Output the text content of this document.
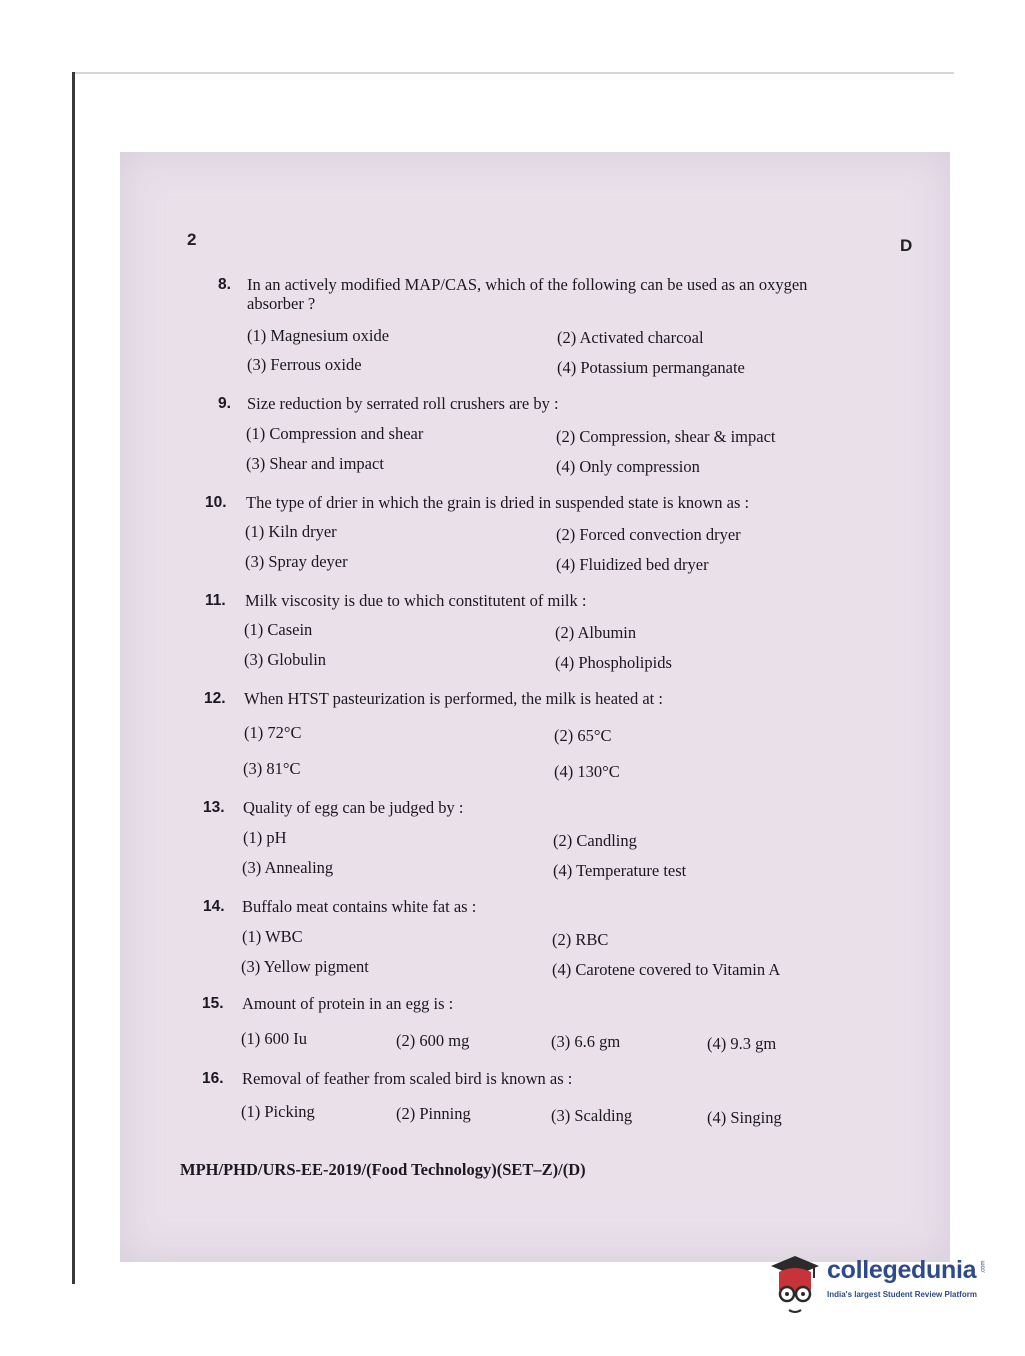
2	D
8. In an actively modified MAP/CAS, which of the following can be used as an oxygen
absorber ?
(1) Magnesium oxide	(2) Activated charcoal
(3) Ferrous oxide	(4) Potassium permanganate
9. Size reduction by serrated roll crushers are by :
(1) Compression and shear	(2) Compression, shear & impact
(3) Shear and impact	(4) Only compression
10. The type of drier in which the grain is dried in suspended state is known as :
(1) Kiln dryer	(2) Forced convection dryer
(3) Spray deyer	(4) Fluidized bed dryer
11. Milk viscosity is due to which constitutent of milk :
(1) Casein	(2) Albumin
(3) Globulin	(4) Phospholipids
12. When HTST pasteurization is performed, the milk is heated at :
(1) 72°C	(2) 65°C
(3) 81°C	(4) 130°C
13. Quality of egg can be judged by :
(1) pH	(2) Candling
(3) Annealing	(4) Temperature test
14. Buffalo meat contains white fat as :
(1) WBC	(2) RBC
(3) Yellow pigment	(4) Carotene covered to Vitamin A
15. Amount of protein in an egg is :
(1) 600 Iu	(2) 600 mg	(3) 6.6 gm	(4) 9.3 gm
16. Removal of feather from scaled bird is known as :
(1) Picking	(2) Pinning	(3) Scalding	(4) Singing
MPH/PHD/URS-EE-2019/(Food Technology)(SET–Z)/(D)
collegedunia .com
India's largest Student Review Platform
